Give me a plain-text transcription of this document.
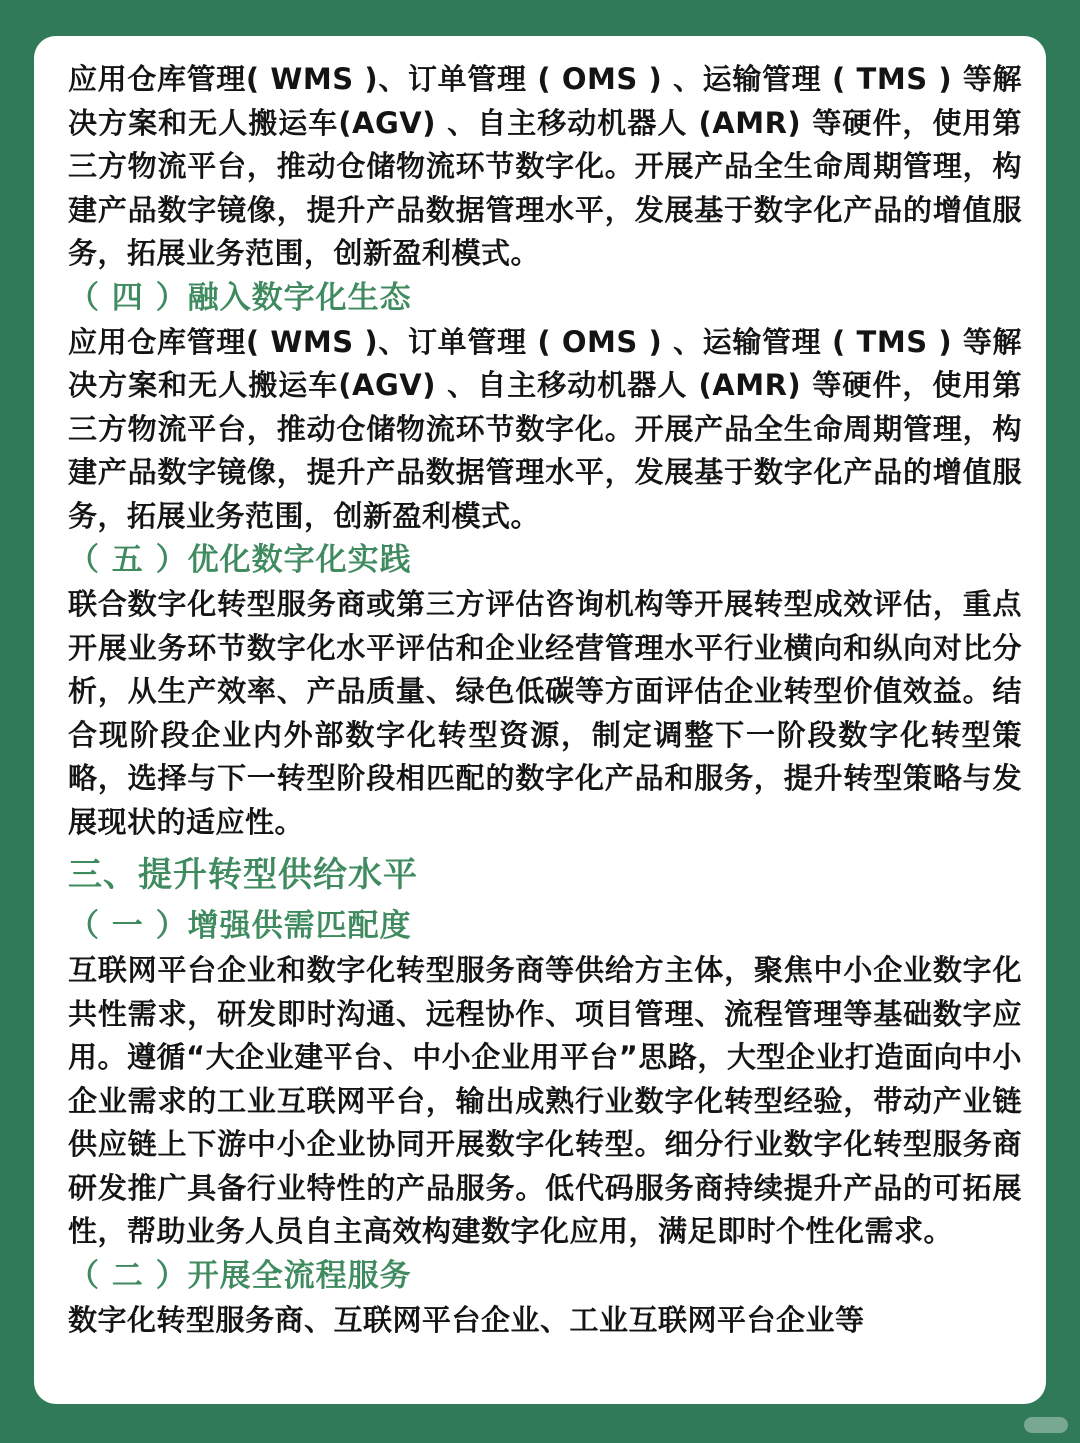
应用仓库管理( WMS )、订单管理 ( OMS ) 、运输管理 ( TMS ) 等解决方案和无人搬运车(AGV) 、自主移动机器人 (AMR) 等硬件，使用第三方物流平台，推动仓储物流环节数字化。开展产品全生命周期管理，构建产品数字镜像，提升产品数据管理水平，发展基于数字化产品的增值服务，拓展业务范围，创新盈利模式。

（ 四 ）融入数字化生态

应用仓库管理( WMS )、订单管理 ( OMS ) 、运输管理 ( TMS ) 等解决方案和无人搬运车(AGV) 、自主移动机器人 (AMR) 等硬件，使用第三方物流平台，推动仓储物流环节数字化。开展产品全生命周期管理，构建产品数字镜像，提升产品数据管理水平，发展基于数字化产品的增值服务，拓展业务范围，创新盈利模式。

（ 五 ）优化数字化实践

联合数字化转型服务商或第三方评估咨询机构等开展转型成效评估，重点开展业务环节数字化水平评估和企业经营管理水平行业横向和纵向对比分析，从生产效率、产品质量、绿色低碳等方面评估企业转型价值效益。结合现阶段企业内外部数字化转型资源，制定调整下一阶段数字化转型策略，选择与下一转型阶段相匹配的数字化产品和服务，提升转型策略与发展现状的适应性。

三、提升转型供给水平
（ 一 ）增强供需匹配度

互联网平台企业和数字化转型服务商等供给方主体，聚焦中小企业数字化共性需求，研发即时沟通、远程协作、项目管理、流程管理等基础数字应用。遵循“大企业建平台、中小企业用平台”思路，大型企业打造面向中小企业需求的工业互联网平台，输出成熟行业数字化转型经验，带动产业链供应链上下游中小企业协同开展数字化转型。细分行业数字化转型服务商研发推广具备行业特性的产品服务。低代码服务商持续提升产品的可拓展性，帮助业务人员自主高效构建数字化应用，满足即时个性化需求。

（ 二 ）开展全流程服务

数字化转型服务商、互联网平台企业、工业互联网平台企业等
